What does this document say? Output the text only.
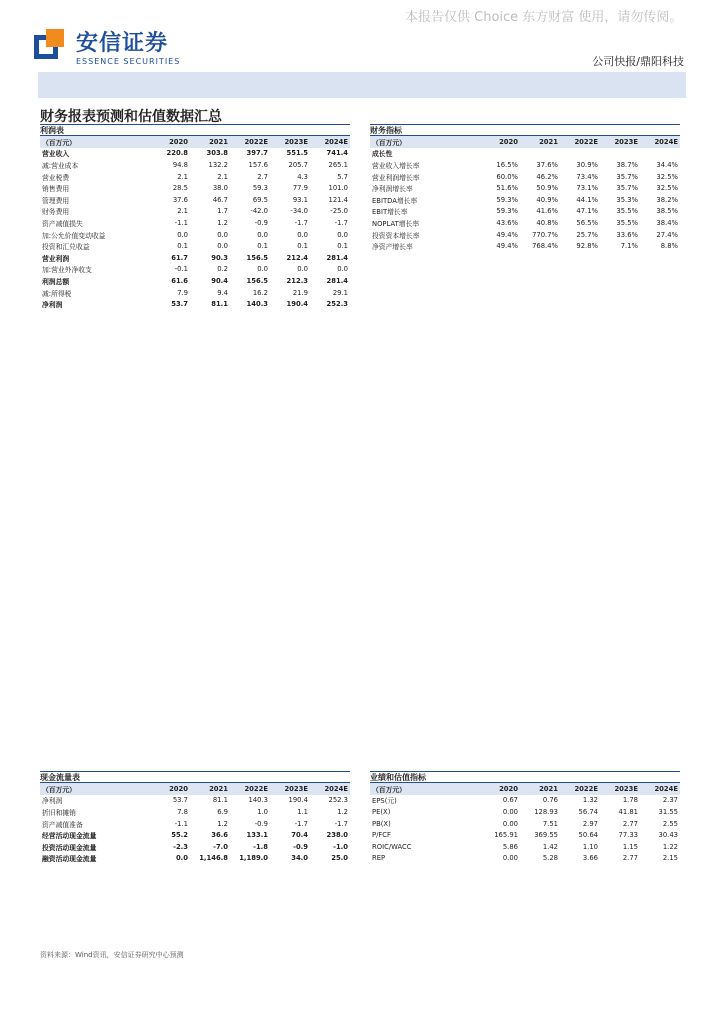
本报告仅供 Choice 东方财富 使用，请勿传阅。
安信证券
ESSENCE SECURITIES	公司快报/鼎阳科技
财务报表预测和估值数据汇总
利润表
（百万元）	2020	2021	2022E	2023E	2024E
营业收入	220.8	303.8	397.7	551.5	741.4
减:营业成本	94.8	132.2	157.6	205.7	265.1
营业税费	2.1	2.1	2.7	4.3	5.7
销售费用	28.5	38.0	59.3	77.9	101.0
管理费用	37.6	46.7	69.5	93.1	121.4
财务费用	2.1	1.7	-42.0	-34.0	-25.0
资产减值损失	-1.1	1.2	-0.9	-1.7	-1.7
加:公允价值变动收益	0.0	0.0	0.0	0.0	0.0
投资和汇兑收益	0.1	0.0	0.1	0.1	0.1
营业利润	61.7	90.3	156.5	212.4	281.4
加:营业外净收支	-0.1	0.2	0.0	0.0	0.0
利润总额	61.6	90.4	156.5	212.3	281.4
减:所得税	7.9	9.4	16.2	21.9	29.1
净利润	53.7	81.1	140.3	190.4	252.3
财务指标
（百万元）	2020	2021	2022E	2023E	2024E
成长性
营业收入增长率	16.5%	37.6%	30.9%	38.7%	34.4%
营业利润增长率	60.0%	46.2%	73.4%	35.7%	32.5%
净利润增长率	51.6%	50.9%	73.1%	35.7%	32.5%
EBITDA增长率	59.3%	40.9%	44.1%	35.3%	38.2%
EBIT增长率	59.3%	41.6%	47.1%	35.5%	38.5%
NOPLAT增长率	43.6%	40.8%	56.5%	35.5%	38.4%
投资资本增长率	49.4%	770.7%	25.7%	33.6%	27.4%
净资产增长率	49.4%	768.4%	92.8%	7.1%	8.8%
现金流量表
（百万元）	2020	2021	2022E	2023E	2024E
净利润	53.7	81.1	140.3	190.4	252.3
折旧和摊销	7.8	6.9	1.0	1.1	1.2
资产减值准备	-1.1	1.2	-0.9	-1.7	-1.7
经营活动现金流量	55.2	36.6	133.1	70.4	238.0
投资活动现金流量	-2.3	-7.0	-1.8	-0.9	-1.0
融资活动现金流量	0.0	1,146.8	1,189.0	34.0	25.0
业绩和估值指标
（百万元）	2020	2021	2022E	2023E	2024E
EPS(元)	0.67	0.76	1.32	1.78	2.37
PE(X)	0.00	128.93	56.74	41.81	31.55
PB(X)	0.00	7.51	2.97	2.77	2.55
P/FCF	165.91	369.55	50.64	77.33	30.43
ROIC/WACC	5.86	1.42	1.10	1.15	1.22
REP	0.00	5.28	3.66	2.77	2.15
资料来源：Wind资讯，安信证券研究中心预测
